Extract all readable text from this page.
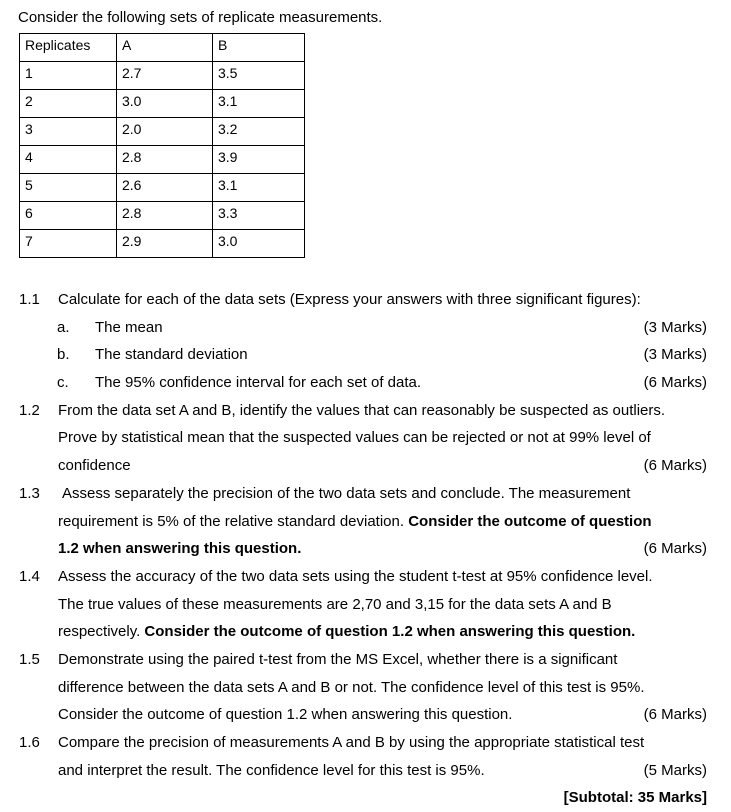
Consider the following sets of replicate measurements.
Replicates	A	B
1	2.7	3.5
2	3.0	3.1
3	2.0	3.2
4	2.8	3.9
5	2.6	3.1
6	2.8	3.3
7	2.9	3.0
1.1 Calculate for each of the data sets (Express your answers with three significant figures):
a. The mean	(3 Marks)
b. The standard deviation	(3 Marks)
c. The 95% confidence interval for each set of data.	(6 Marks)
1.2 From the data set A and B, identify the values that can reasonably be suspected as outliers.
Prove by statistical mean that the suspected values can be rejected or not at 99% level of
confidence	(6 Marks)
1.3 Assess separately the precision of the two data sets and conclude. The measurement
requirement is 5% of the relative standard deviation. Consider the outcome of question
1.2 when answering this question.	(6 Marks)
1.4 Assess the accuracy of the two data sets using the student t-test at 95% confidence level.
The true values of these measurements are 2,70 and 3,15 for the data sets A and B
respectively. Consider the outcome of question 1.2 when answering this question.
1.5 Demonstrate using the paired t-test from the MS Excel, whether there is a significant
difference between the data sets A and B or not. The confidence level of this test is 95%.
Consider the outcome of question 1.2 when answering this question.	(6 Marks)
1.6 Compare the precision of measurements A and B by using the appropriate statistical test
and interpret the result. The confidence level for this test is 95%.	(5 Marks)
[Subtotal: 35 Marks]
